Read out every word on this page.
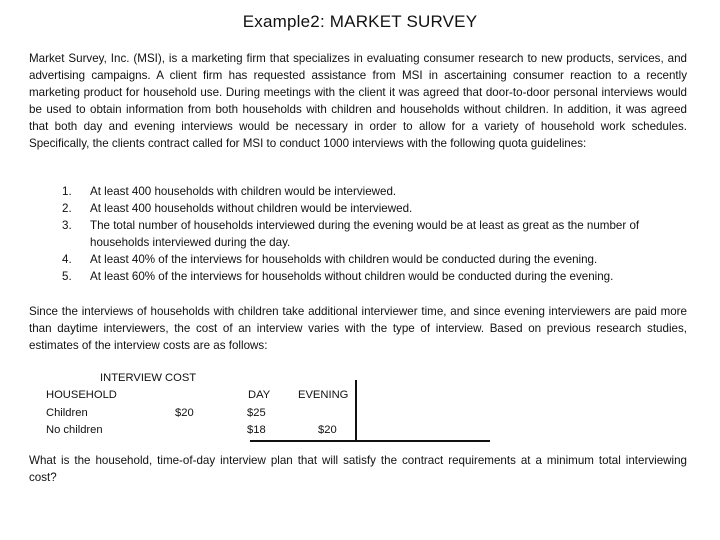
Example2: MARKET SURVEY

Market Survey, Inc. (MSI), is a marketing firm that specializes in evaluating consumer research to new products, services, and advertising campaigns. A client firm has requested assistance from MSI in ascertaining consumer reaction to a recently marketing product for household use. During meetings with the client it was agreed that door-to-door personal interviews would be used to obtain information from both households with children and households without children. In addition, it was agreed that both day and evening interviews would be necessary in order to allow for a variety of household work schedules. Specifically, the clients contract called for MSI to conduct 1000 interviews with the following quota guidelines:

1. At least 400 households with children would be interviewed.
2. At least 400 households without children would be interviewed.
3. The total number of households interviewed during the evening would be at least as great as the number of households interviewed during the day.
4. At least 40% of the interviews for households with children would be conducted during the evening.
5. At least 60% of the interviews for households without children would be conducted during the evening.

Since the interviews of households with children take additional interviewer time, and since evening interviewers are paid more than daytime interviewers, the cost of an interview varies with the type of interview. Based on previous research studies, estimates of the interview costs are as follows:

INTERVIEW COST
HOUSEHOLD	DAY EVENING
Children	$20	$25
No children	$18	$20

What is the household, time-of-day interview plan that will satisfy the contract requirements at a minimum total interviewing cost?
